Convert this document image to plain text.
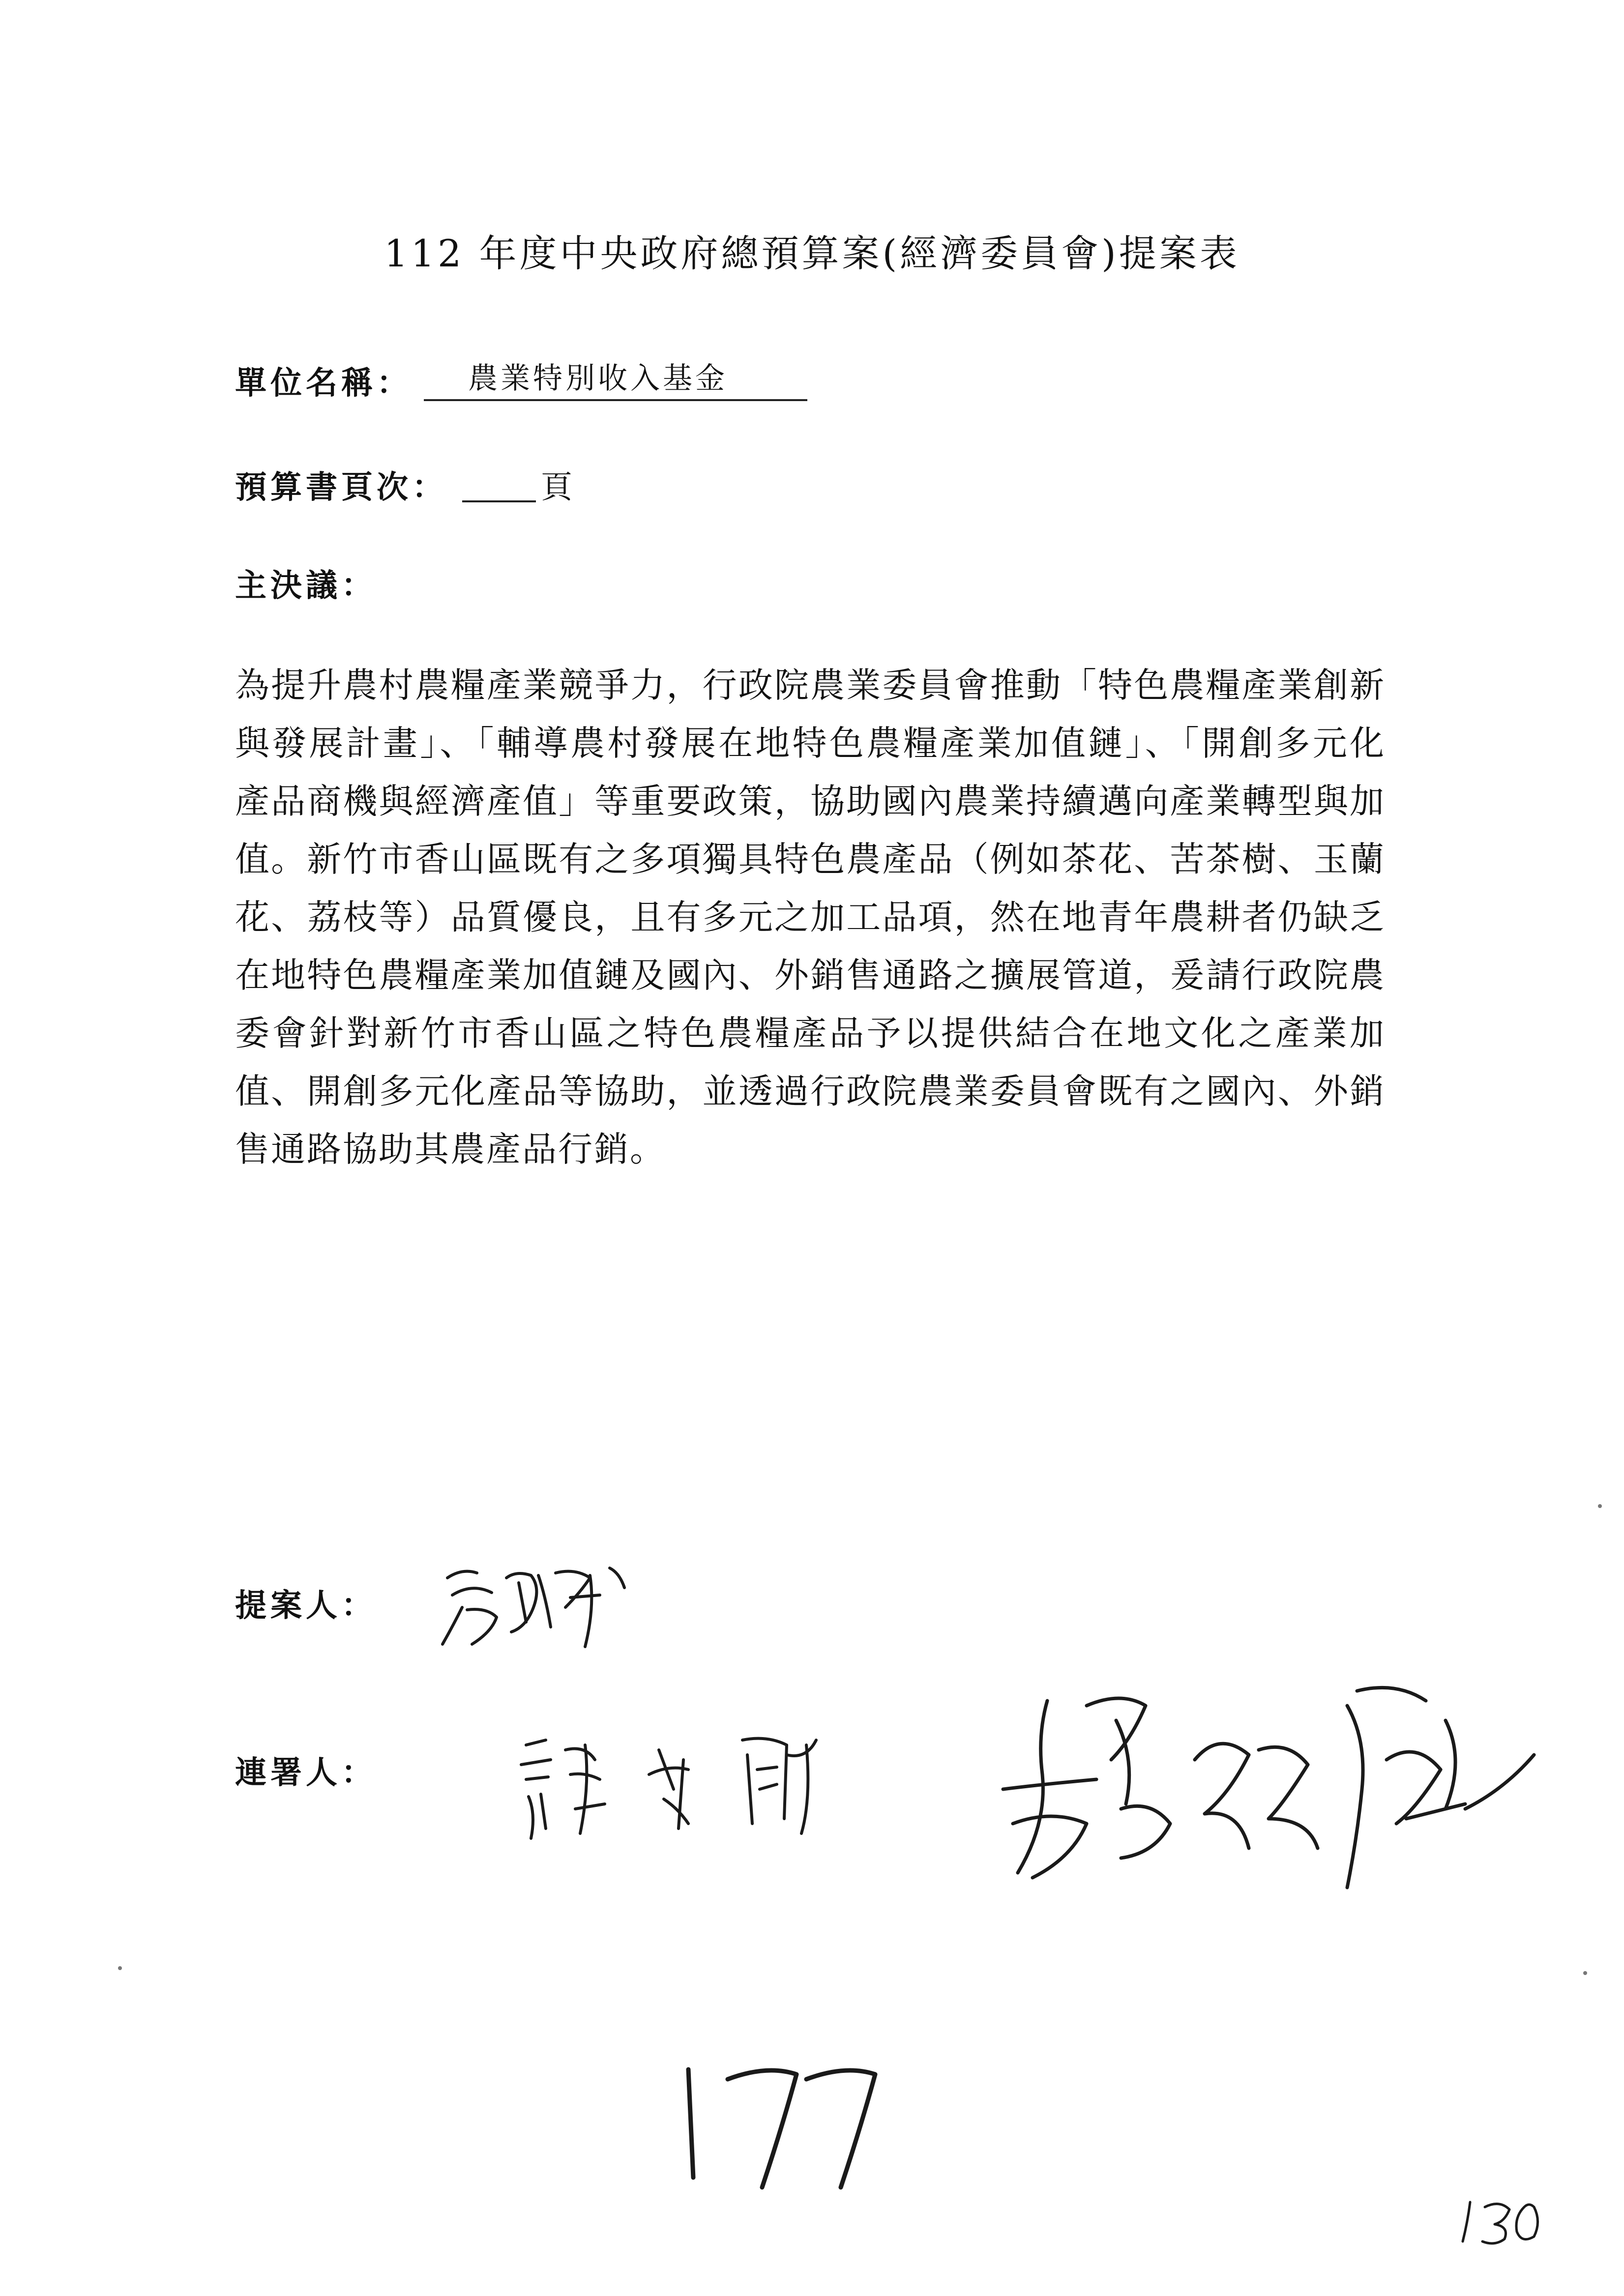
112 年度中央政府總預算案(經濟委員會)提案表
單位名稱：	農業特別收入基金
預算書頁次：	頁
主決議：
為提升農村農糧產業競爭力，行政院農業委員會推動「特色農糧產業創新與發展計畫」、「輔導農村發展在地特色農糧產業加值鏈」、「開創多元化產品商機與經濟產值」等重要政策，協助國內農業持續邁向產業轉型與加值。新竹市香山區既有之多項獨具特色農產品（例如茶花、苦茶樹、玉蘭花、荔枝等）品質優良，且有多元之加工品項，然在地青年農耕者仍缺乏在地特色農糧產業加值鏈及國內、外銷售通路之擴展管道，爰請行政院農委會針對新竹市香山區之特色農糧產品予以提供結合在地文化之產業加值、開創多元化產品等協助，並透過行政院農業委員會既有之國內、外銷售通路協助其農產品行銷。
提案人：
連署人：
